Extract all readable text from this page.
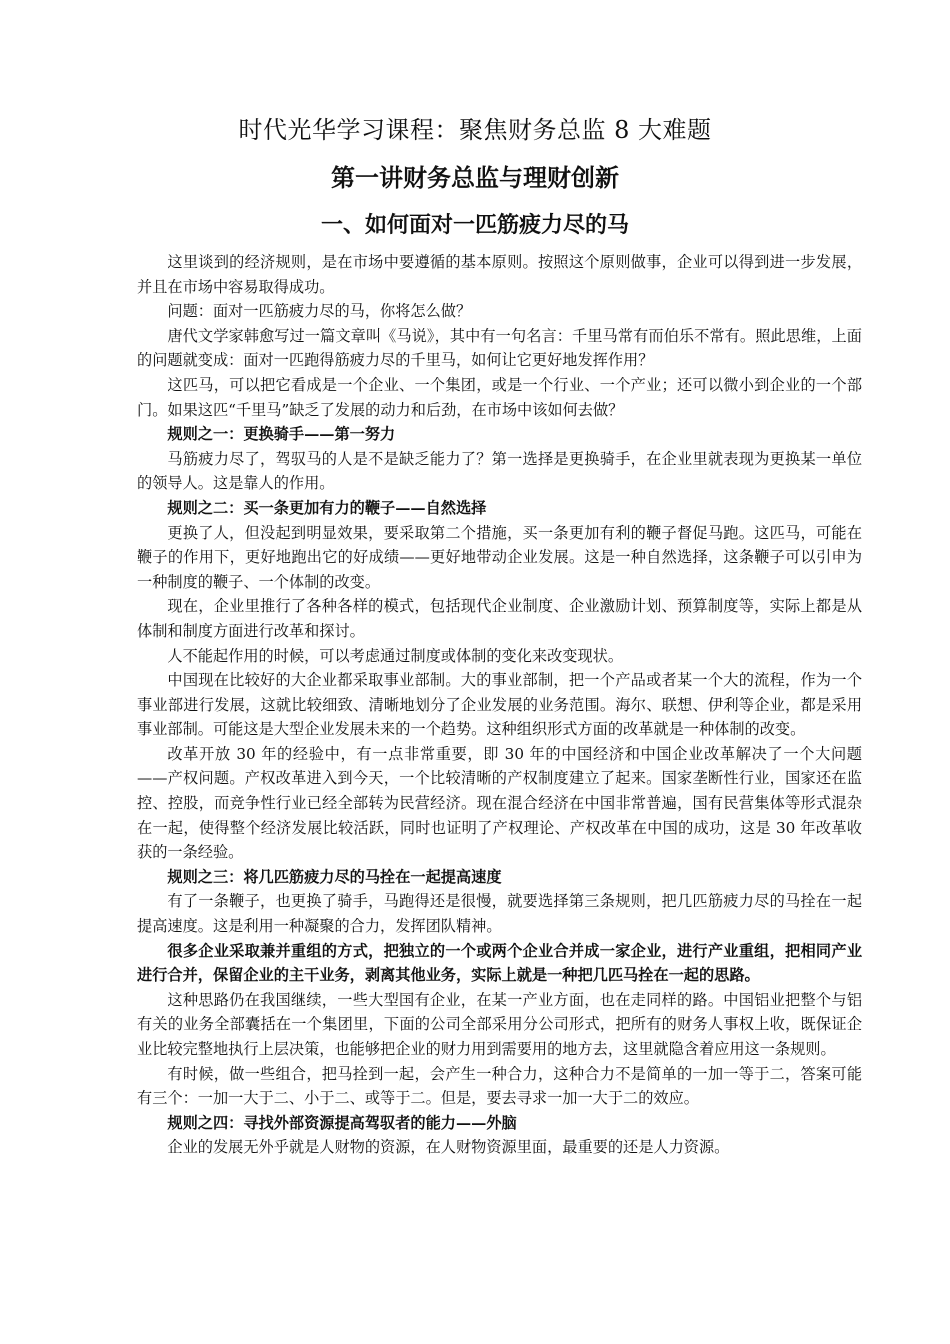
时代光华学习课程：聚焦财务总监 8 大难题
第一讲财务总监与理财创新
一、如何面对一匹筋疲力尽的马

这里谈到的经济规则，是在市场中要遵循的基本原则。按照这个原则做事，企业可以得到进一步发展，并且在市场中容易取得成功。

问题：面对一匹筋疲力尽的马，你将怎么做？

唐代文学家韩愈写过一篇文章叫《马说》，其中有一句名言：千里马常有而伯乐不常有。照此思维，上面的问题就变成：面对一匹跑得筋疲力尽的千里马，如何让它更好地发挥作用？

这匹马，可以把它看成是一个企业、一个集团，或是一个行业、一个产业；还可以微小到企业的一个部门。如果这匹“千里马”缺乏了发展的动力和后劲，在市场中该如何去做？

规则之一：更换骑手——第一努力

马筋疲力尽了，驾驭马的人是不是缺乏能力了？第一选择是更换骑手，在企业里就表现为更换某一单位的领导人。这是靠人的作用。

规则之二：买一条更加有力的鞭子——自然选择

更换了人，但没起到明显效果，要采取第二个措施，买一条更加有利的鞭子督促马跑。这匹马，可能在鞭子的作用下，更好地跑出它的好成绩——更好地带动企业发展。这是一种自然选择，这条鞭子可以引申为一种制度的鞭子、一个体制的改变。

现在，企业里推行了各种各样的模式，包括现代企业制度、企业激励计划、预算制度等，实际上都是从体制和制度方面进行改革和探讨。

人不能起作用的时候，可以考虑通过制度或体制的变化来改变现状。

中国现在比较好的大企业都采取事业部制。大的事业部制，把一个产品或者某一个大的流程，作为一个事业部进行发展，这就比较细致、清晰地划分了企业发展的业务范围。海尔、联想、伊利等企业，都是采用事业部制。可能这是大型企业发展未来的一个趋势。这种组织形式方面的改革就是一种体制的改变。

改革开放 30 年的经验中，有一点非常重要，即 30 年的中国经济和中国企业改革解决了一个大问题——产权问题。产权改革进入到今天，一个比较清晰的产权制度建立了起来。国家垄断性行业，国家还在监控、控股，而竞争性行业已经全部转为民营经济。现在混合经济在中国非常普遍，国有民营集体等形式混杂在一起，使得整个经济发展比较活跃，同时也证明了产权理论、产权改革在中国的成功，这是 30 年改革收获的一条经验。

规则之三：将几匹筋疲力尽的马拴在一起提高速度

有了一条鞭子，也更换了骑手，马跑得还是很慢，就要选择第三条规则，把几匹筋疲力尽的马拴在一起提高速度。这是利用一种凝聚的合力，发挥团队精神。

很多企业采取兼并重组的方式，把独立的一个或两个企业合并成一家企业，进行产业重组，把相同产业进行合并，保留企业的主干业务，剥离其他业务，实际上就是一种把几匹马拴在一起的思路。

这种思路仍在我国继续，一些大型国有企业，在某一产业方面，也在走同样的路。中国铝业把整个与铝有关的业务全部囊括在一个集团里，下面的公司全部采用分公司形式，把所有的财务人事权上收，既保证企业比较完整地执行上层决策，也能够把企业的财力用到需要用的地方去，这里就隐含着应用这一条规则。

有时候，做一些组合，把马拴到一起，会产生一种合力，这种合力不是简单的一加一等于二，答案可能有三个：一加一大于二、小于二、或等于二。但是，要去寻求一加一大于二的效应。

规则之四：寻找外部资源提高驾驭者的能力——外脑

企业的发展无外乎就是人财物的资源，在人财物资源里面，最重要的还是人力资源。
